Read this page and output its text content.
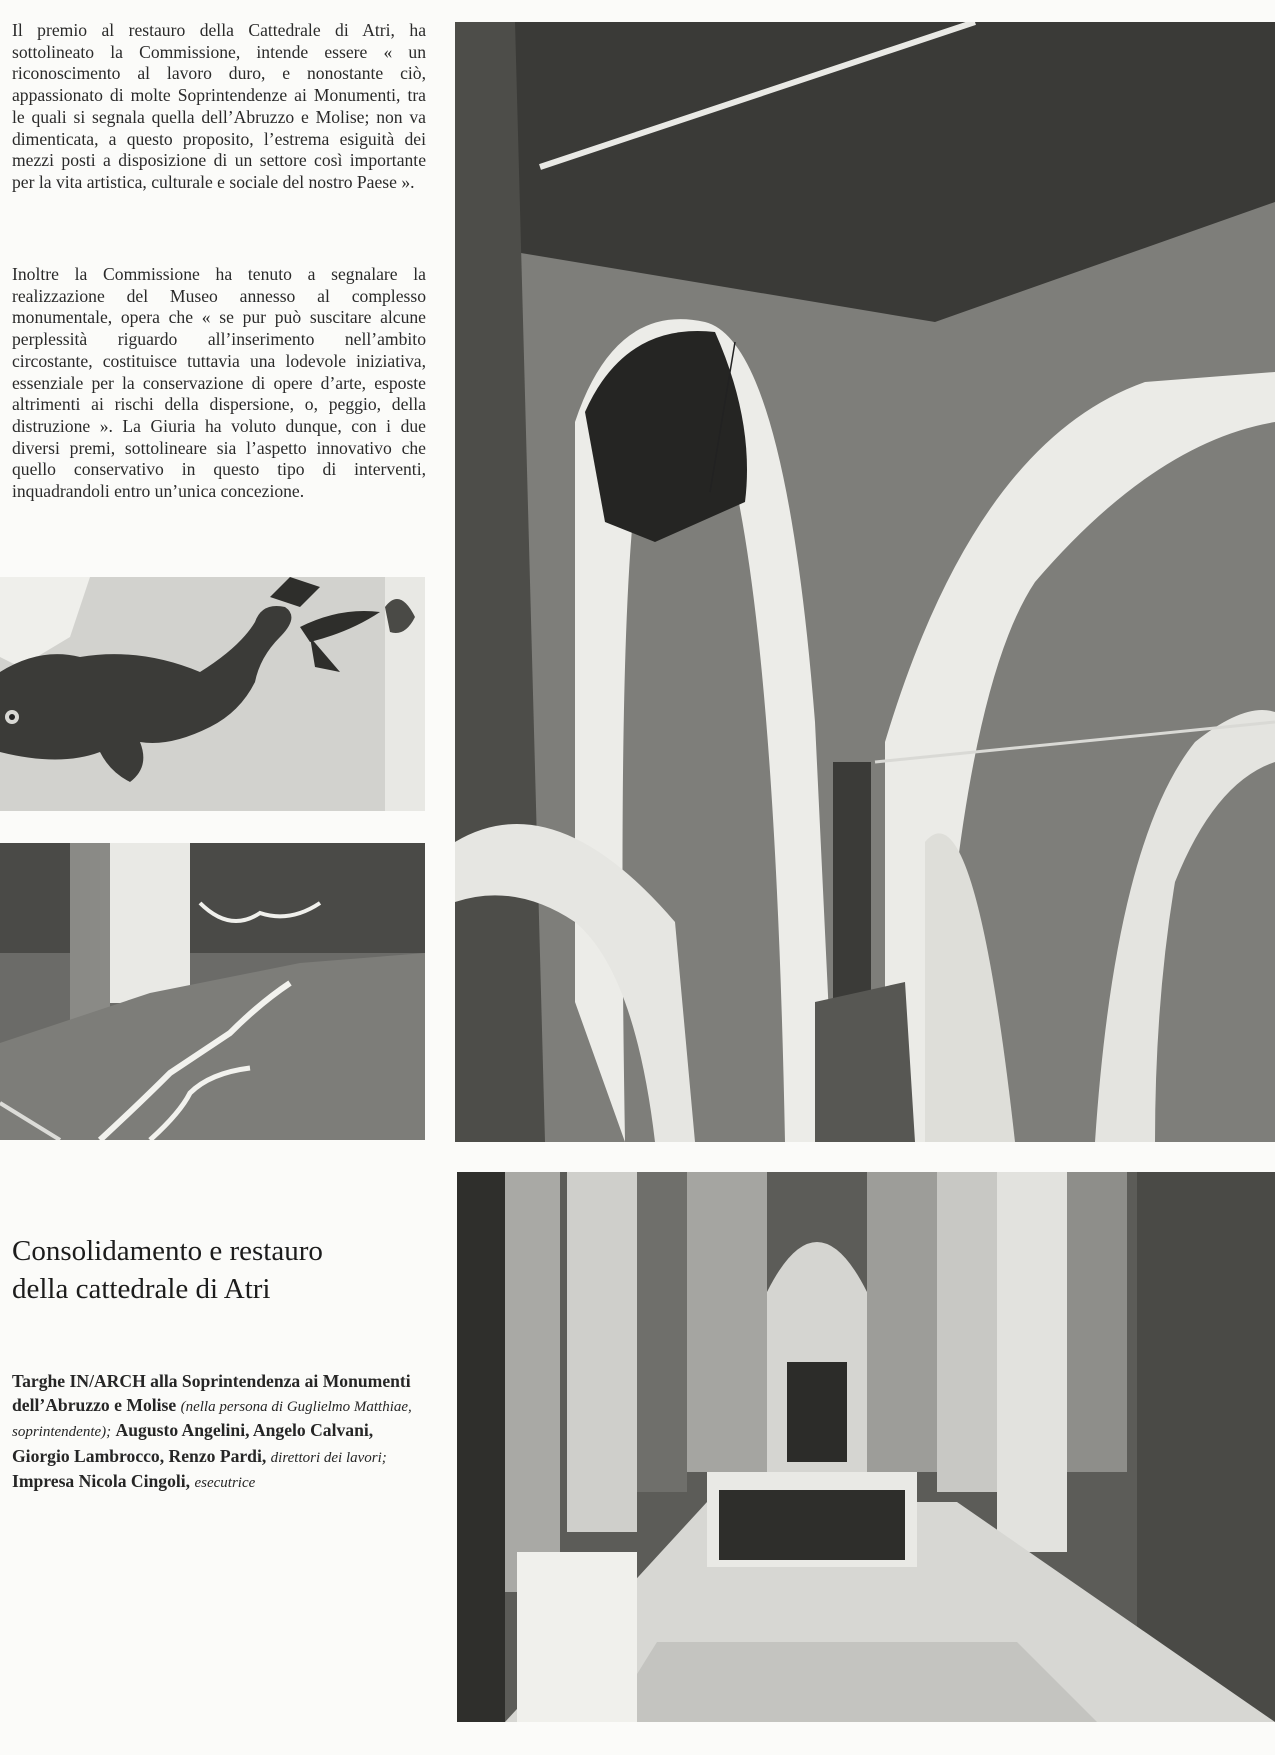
Il premio al restauro della Cattedrale di Atri, ha sottolineato la Commissione, intende essere « un riconoscimento al lavoro duro, e nonostante ciò, appassionato di molte Soprintendenze ai Monumenti, tra le quali si segnala quella dell’Abruzzo e Molise; non va dimenticata, a questo proposito, l’estrema esiguità dei mezzi posti a disposizione di un settore così importante per la vita artistica, culturale e sociale del nostro Paese ».

Inoltre la Commissione ha tenuto a segnalare la realizzazione del Museo annesso al complesso monumentale, opera che « se pur può suscitare alcune perplessità riguardo all’inserimento nell’ambito circostante, costituisce tuttavia una lodevole iniziativa, essenziale per la conservazione di opere d’arte, esposte altrimenti ai rischi della dispersione, o, peggio, della distruzione ». La Giuria ha voluto dunque, con i due diversi premi, sottolineare sia l’aspetto innovativo che quello conservativo in questo tipo di interventi, inquadrandoli entro un’unica concezione.

Consolidamento e restauro
della cattedrale di Atri

Targhe IN/ARCH alla Soprintendenza ai Monumenti dell’Abruzzo e Molise (nella persona di Guglielmo Matthiae, soprintendente); Augusto Angelini, Angelo Calvani, Giorgio Lambrocco, Renzo Pardi, direttori dei lavori; Impresa Nicola Cingoli, esecutrice
